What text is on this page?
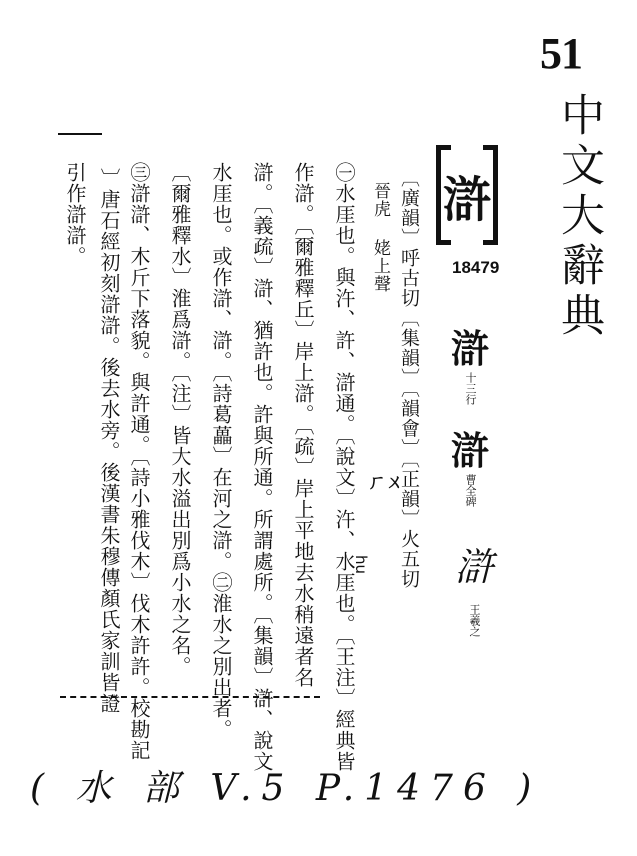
51
中文大辭典
滸
18479
滸
十三行
滸
曹全碑
滸
王羲之
〔廣韻〕呼古切〔集韻〕〔韻會〕〔正韻〕火五切
晉虎 姥上聲
ㄏㄨ
hu
㊀水厓也。與汻、許、滸通。〔說文〕汻、水厓也。〔王注〕經典皆
作滸。〔爾雅釋丘〕岸上滸。〔疏〕岸上平地去水稍遠者名
滸。〔義疏〕滸、猶許也。許與所通。所謂處所。〔集韻〕滸、說文
水厓也。或作滸、滸。〔詩葛藟〕在河之滸。㊁淮水之別出者。
〔爾雅釋水〕淮爲滸。〔注〕皆大水溢出別爲小水之名。
㊂滸滸、木斤下落貌。與許通。〔詩小雅伐木〕伐木許許。校勘記
〕唐石經初刻滸滸。後去水旁。後漢書朱穆傳顏氏家訓皆證
引作滸滸。
( 水 部 V.5 P.1476 )
